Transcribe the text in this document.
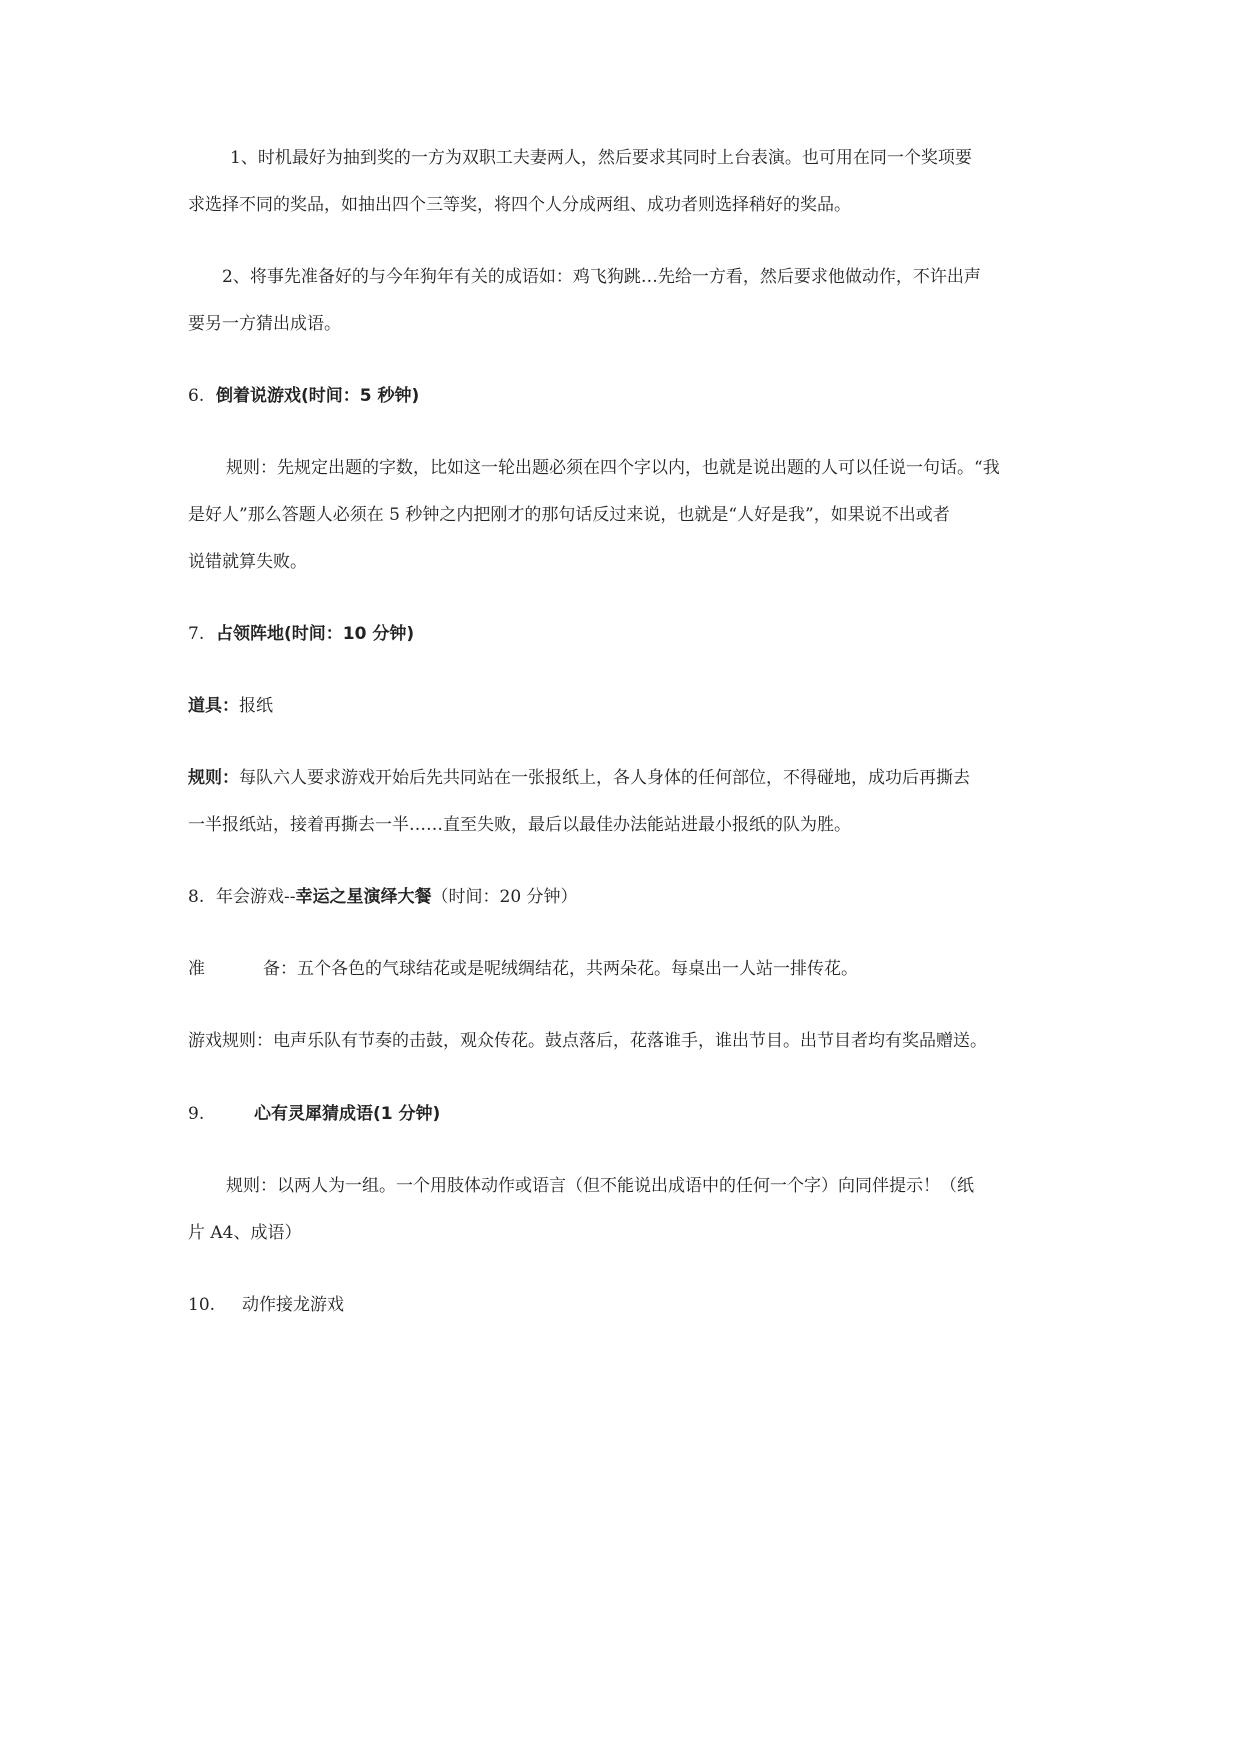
1、时机最好为抽到奖的一方为双职工夫妻两人，然后要求其同时上台表演。也可用在同一个奖项要
求选择不同的奖品，如抽出四个三等奖，将四个人分成两组、成功者则选择稍好的奖品。
2、将事先准备好的与今年狗年有关的成语如：鸡飞狗跳…先给一方看，然后要求他做动作，不许出声
要另一方猜出成语。
6. 倒着说游戏(时间：5 秒钟)
规则：先规定出题的字数，比如这一轮出题必须在四个字以内，也就是说出题的人可以任说一句话。“我
是好人”那么答题人必须在 5 秒钟之内把刚才的那句话反过来说，也就是“人好是我”，如果说不出或者
说错就算失败。
7. 占领阵地(时间：10 分钟)
道具：报纸
规则：每队六人要求游戏开始后先共同站在一张报纸上，各人身体的任何部位，不得碰地，成功后再撕去
一半报纸站，接着再撕去一半……直至失败，最后以最佳办法能站进最小报纸的队为胜。
8. 年会游戏--幸运之星演绎大餐（时间：20 分钟）
准	备：五个各色的气球结花或是呢绒绸结花，共两朵花。每桌出一人站一排传花。
游戏规则：电声乐队有节奏的击鼓，观众传花。鼓点落后，花落谁手，谁出节目。出节目者均有奖品赠送。
9.	心有灵犀猜成语(1 分钟)
规则：以两人为一组。一个用肢体动作或语言（但不能说出成语中的任何一个字）向同伴提示！（纸
片 A4、成语）
10. 动作接龙游戏
